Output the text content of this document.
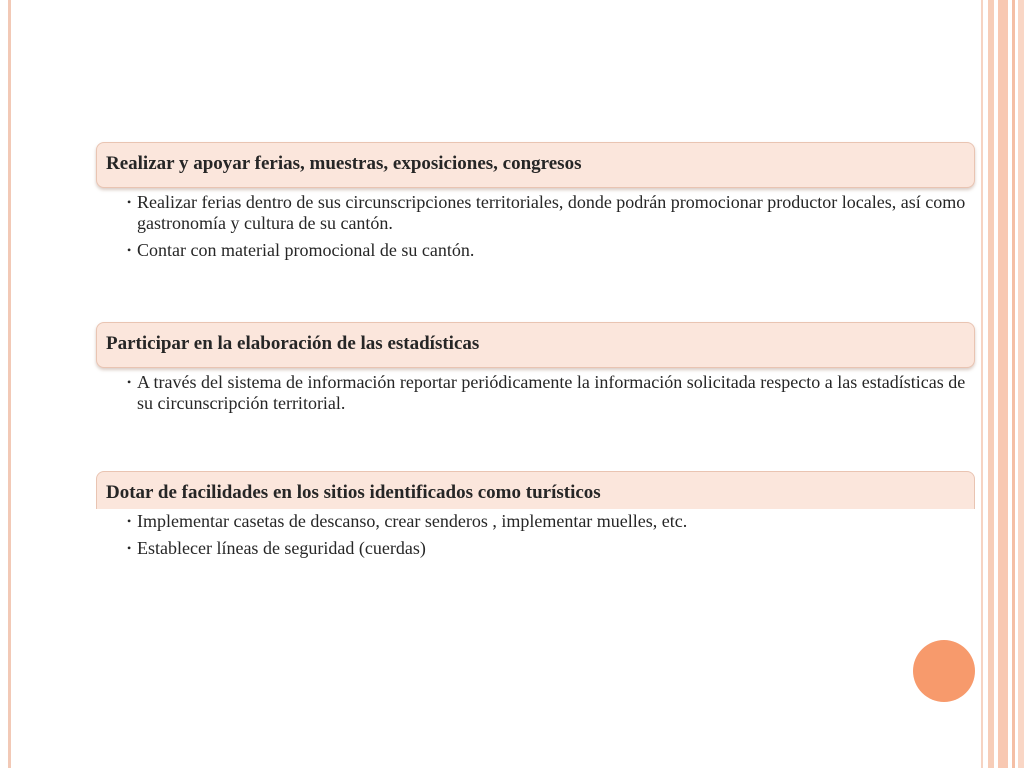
Realizar y apoyar ferias, muestras, exposiciones, congresos
• Realizar ferias dentro de sus circunscripciones territoriales, donde podrán promocionar productor locales, así como gastronomía y cultura de su cantón.
• Contar con material promocional de su cantón.
Participar en la elaboración de las estadísticas
• A través del sistema de información reportar periódicamente la información solicitada respecto a las estadísticas de su circunscripción territorial.
Dotar de facilidades en los sitios identificados como turísticos
• Implementar casetas de descanso, crear senderos , implementar muelles, etc.
• Establecer líneas de seguridad (cuerdas)
